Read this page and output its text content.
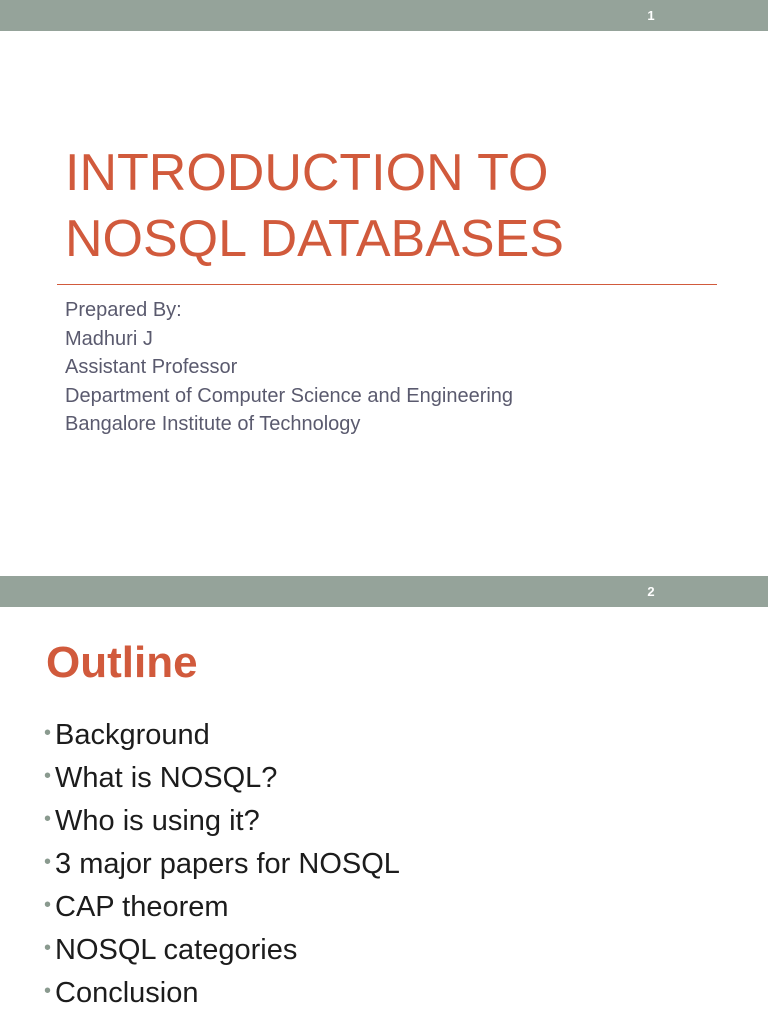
1
INTRODUCTION TO
NOSQL DATABASES
Prepared By:
Madhuri J
Assistant Professor
Department of Computer Science and Engineering
Bangalore Institute of Technology
2
Outline
• Background
• What is NOSQL?
• Who is using it?
• 3 major papers for NOSQL
• CAP theorem
• NOSQL categories
• Conclusion
